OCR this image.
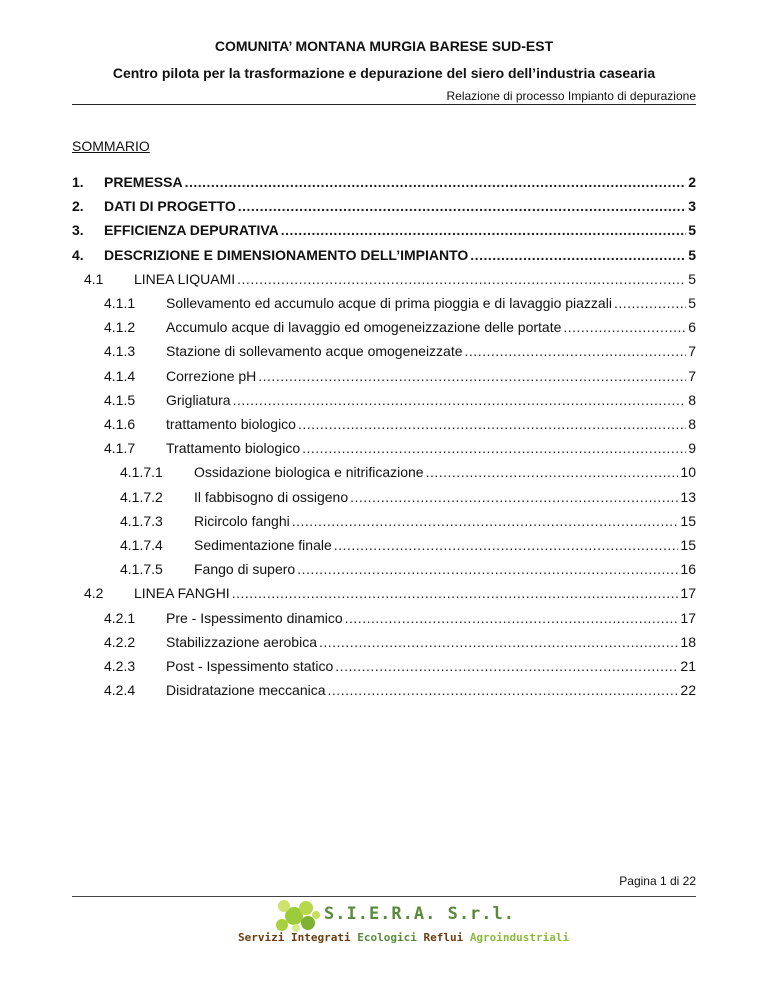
COMUNITA’ MONTANA MURGIA BARESE SUD-EST
Centro pilota per la trasformazione e depurazione del siero dell’industria casearia
Relazione di processo Impianto di depurazione
SOMMARIO
1.	PREMESSA .....	2
2.	DATI DI PROGETTO .....	3
3.	EFFICIENZA DEPURATIVA .....	5
4.	DESCRIZIONE E DIMENSIONAMENTO DELL’IMPIANTO .....	5
4.1	LINEA LIQUAMI .....	5
4.1.1	Sollevamento ed accumulo acque di prima pioggia e di lavaggio piazzali .....	5
4.1.2	Accumulo acque di lavaggio ed omogeneizzazione delle portate .....	6
4.1.3	Stazione di sollevamento acque omogeneizzate .....	7
4.1.4	Correzione pH .....	7
4.1.5	Grigliatura .....	8
4.1.6	trattamento biologico .....	8
4.1.7	Trattamento biologico .....	9
4.1.7.1	Ossidazione biologica e nitrificazione .....	10
4.1.7.2	Il fabbisogno di ossigeno .....	13
4.1.7.3	Ricircolo fanghi .....	15
4.1.7.4	Sedimentazione finale .....	15
4.1.7.5	Fango di supero .....	16
4.2	LINEA FANGHI .....	17
4.2.1	Pre - Ispessimento dinamico .....	17
4.2.2	Stabilizzazione aerobica .....	18
4.2.3	Post - Ispessimento statico .....	21
4.2.4	Disidratazione meccanica .....	22
Pagina 1 di 22
S.I.E.R.A. S.r.l.
Servizi Integrati Ecologici Reflui Agroindustriali
